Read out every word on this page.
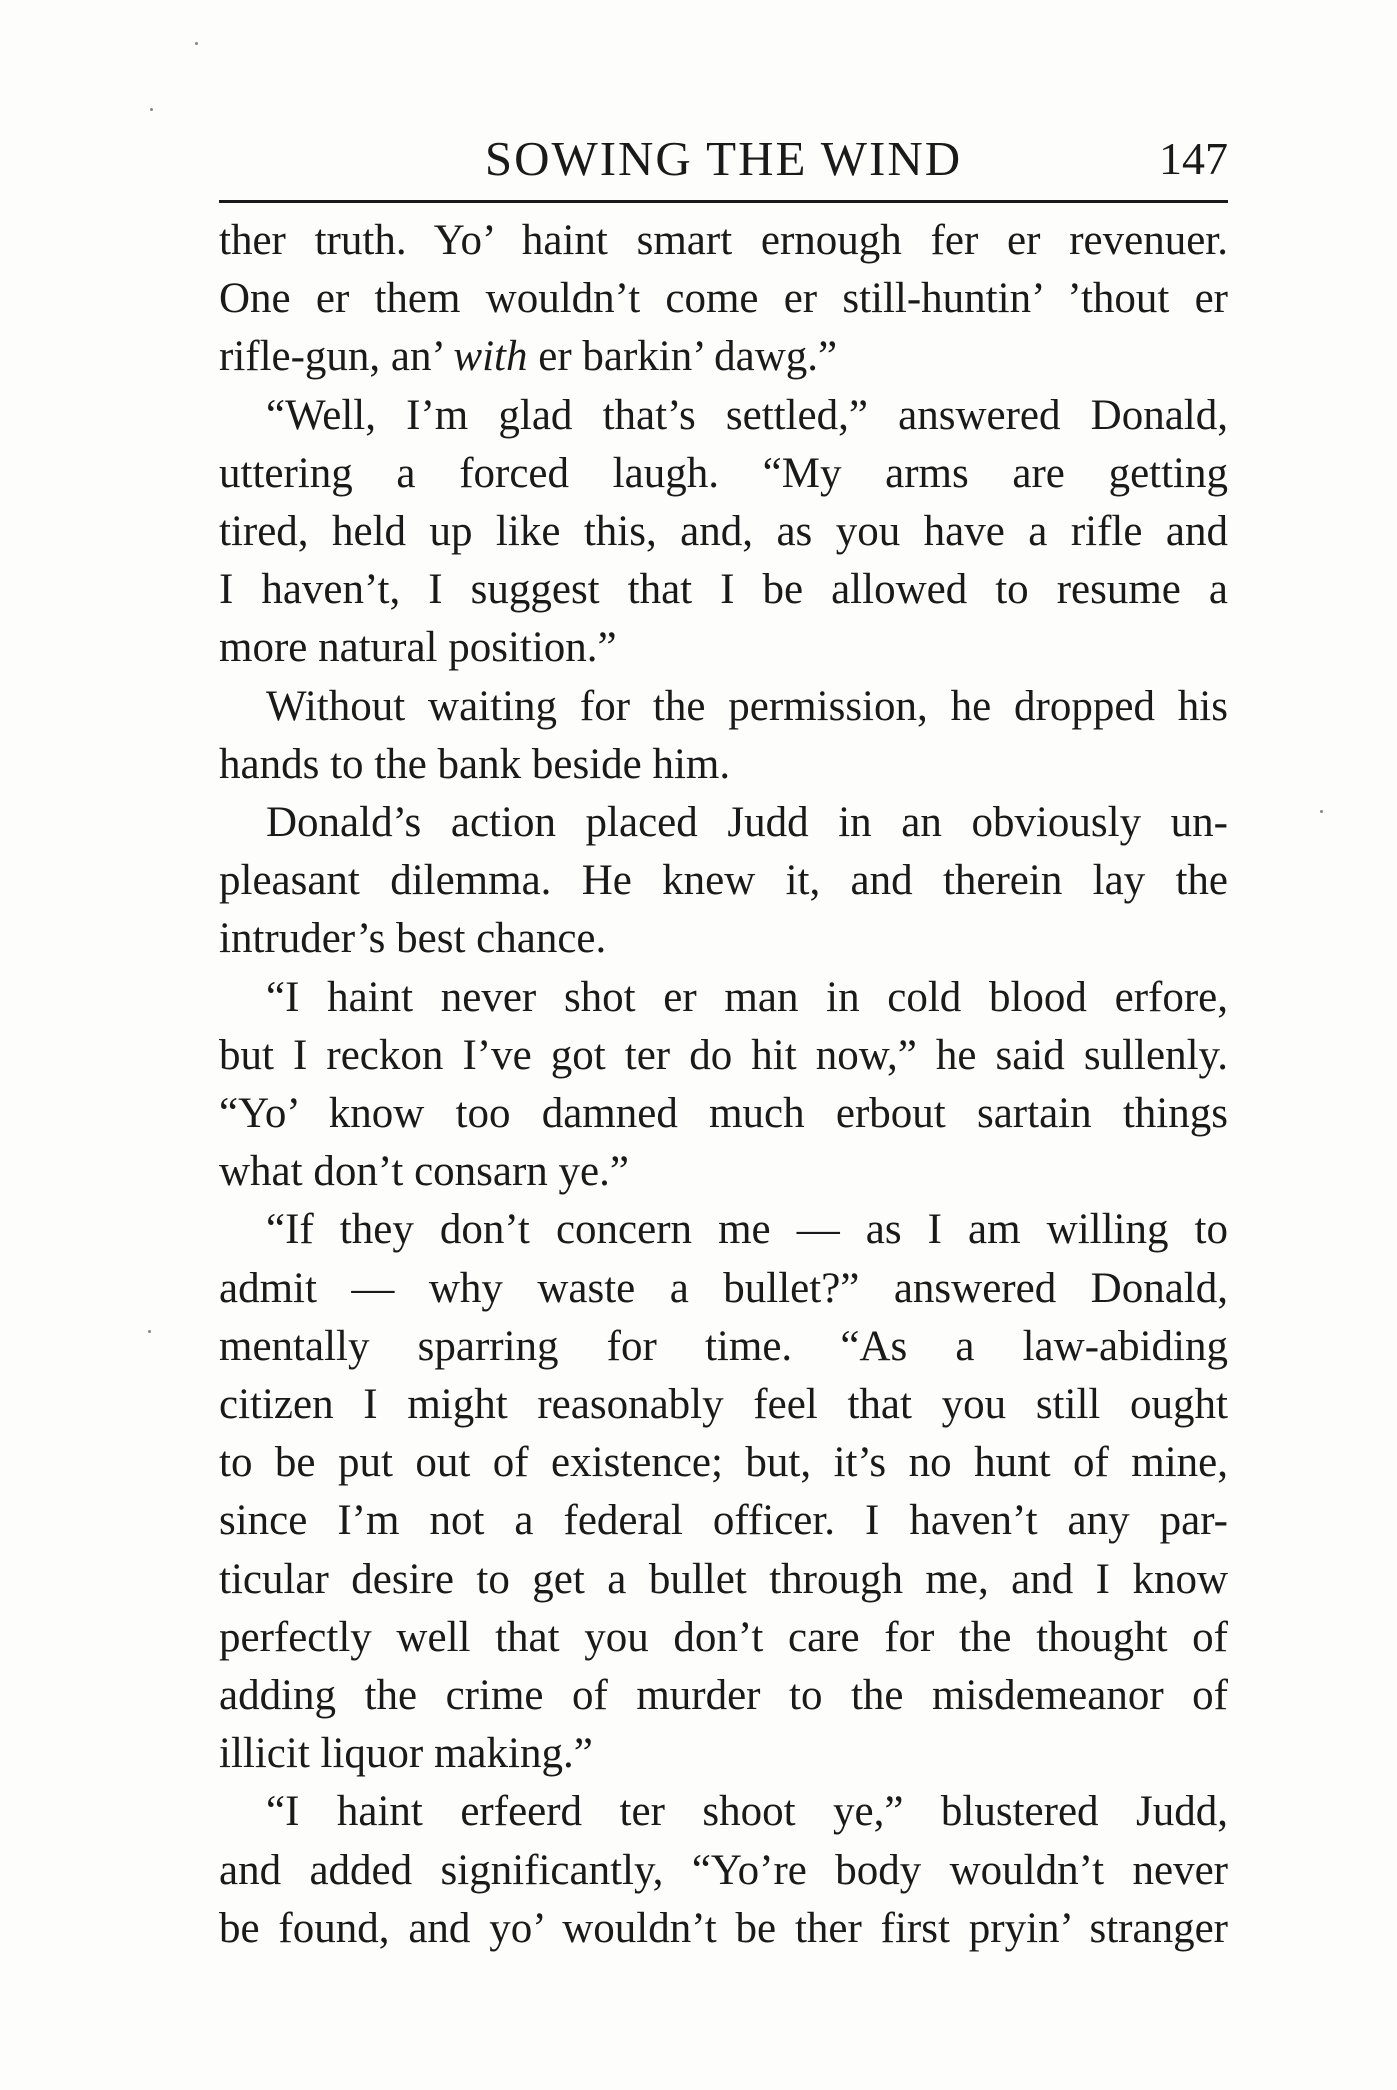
SOWING THE WIND	147
ther truth. Yo’ haint smart ernough fer er revenuer.
One er them wouldn’t come er still-huntin’ ’thout er
rifle-gun, an’ with er barkin’ dawg.”
“Well, I’m glad that’s settled,” answered Donald,
uttering a forced laugh. “My arms are getting
tired, held up like this, and, as you have a rifle and
I haven’t, I suggest that I be allowed to resume a
more natural position.”
Without waiting for the permission, he dropped his
hands to the bank beside him.
Donald’s action placed Judd in an obviously un-
pleasant dilemma. He knew it, and therein lay the
intruder’s best chance.
“I haint never shot er man in cold blood erfore,
but I reckon I’ve got ter do hit now,” he said sullenly.
“Yo’ know too damned much erbout sartain things
what don’t consarn ye.”
“If they don’t concern me — as I am willing to
admit — why waste a bullet?” answered Donald,
mentally sparring for time. “As a law-abiding
citizen I might reasonably feel that you still ought
to be put out of existence; but, it’s no hunt of mine,
since I’m not a federal officer. I haven’t any par-
ticular desire to get a bullet through me, and I know
perfectly well that you don’t care for the thought of
adding the crime of murder to the misdemeanor of
illicit liquor making.”
“I haint erfeerd ter shoot ye,” blustered Judd,
and added significantly, “Yo’re body wouldn’t never
be found, and yo’ wouldn’t be ther first pryin’ stranger
